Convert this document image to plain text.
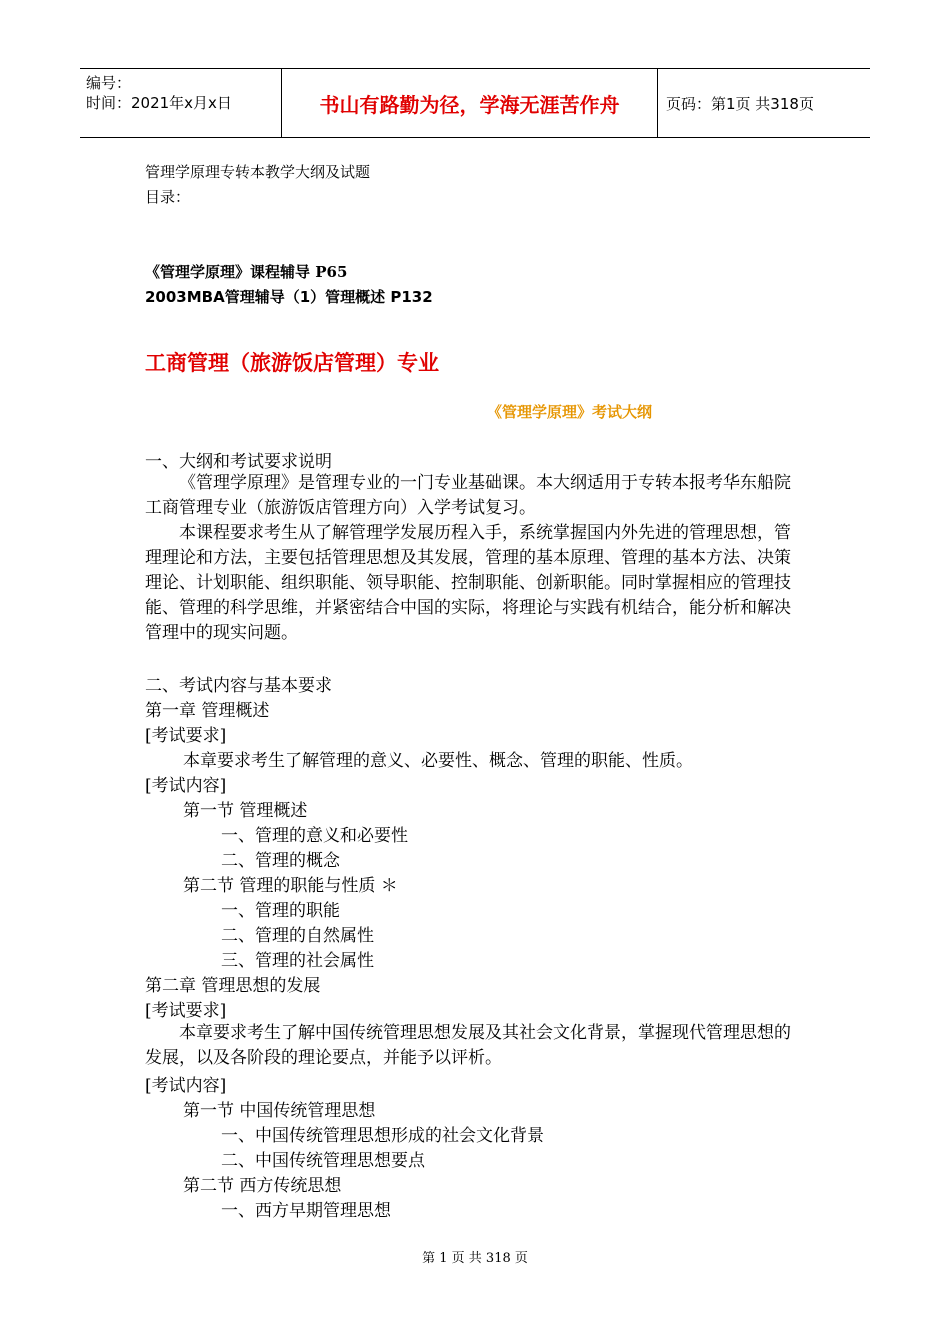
编号：
时间：2021年x月x日	书山有路勤为径，学海无涯苦作舟	页码：第1页 共318页
管理学原理专转本教学大纲及试题
目录：
《管理学原理》课程辅导 P65
2003MBA管理辅导（1）管理概述 P132
工商管理（旅游饭店管理）专业
《管理学原理》考试大纲
一、大纲和考试要求说明

《管理学原理》是管理专业的一门专业基础课。本大纲适用于专转本报考华东船院工商管理专业（旅游饭店管理方向）入学考试复习。

本课程要求考生从了解管理学发展历程入手，系统掌握国内外先进的管理思想，管理理论和方法，主要包括管理思想及其发展，管理的基本原理、管理的基本方法、决策理论、计划职能、组织职能、领导职能、控制职能、创新职能。同时掌握相应的管理技能、管理的科学思维，并紧密结合中国的实际，将理论与实践有机结合，能分析和解决管理中的现实问题。

二、考试内容与基本要求
第一章 管理概述
[考试要求]
本章要求考生了解管理的意义、必要性、概念、管理的职能、性质。
[考试内容]
第一节 管理概述
一、管理的意义和必要性
二、管理的概念
第二节 管理的职能与性质 ＊
一、管理的职能
二、管理的自然属性
三、管理的社会属性
第二章 管理思想的发展
[考试要求]

本章要求考生了解中国传统管理思想发展及其社会文化背景，掌握现代管理思想的发展，以及各阶段的理论要点，并能予以评析。

[考试内容]
第一节 中国传统管理思想
一、中国传统管理思想形成的社会文化背景
二、中国传统管理思想要点
第二节 西方传统思想
一、西方早期管理思想
第 1 页 共 318 页
